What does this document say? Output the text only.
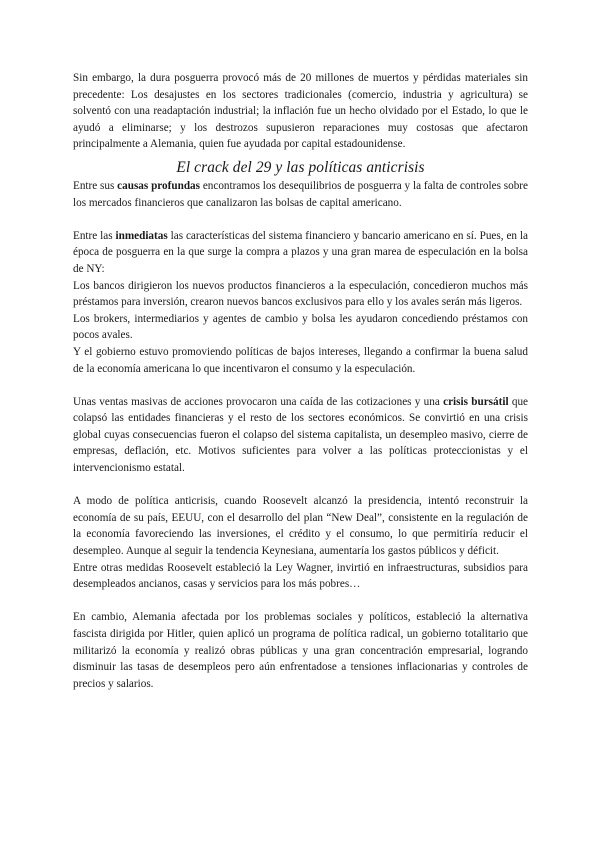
Sin embargo, la dura posguerra provocó más de 20 millones de muertos y pérdidas materiales sin precedente: Los desajustes en los sectores tradicionales (comercio, industria y agricultura) se solventó con una readaptación industrial; la inflación fue un hecho olvidado por el Estado, lo que le ayudó a eliminarse; y los destrozos supusieron reparaciones muy costosas que afectaron principalmente a Alemania, quien fue ayudada por capital estadounidense.

El crack del 29 y las políticas anticrisis

Entre sus causas profundas encontramos los desequilibrios de posguerra y la falta de controles sobre los mercados financieros que canalizaron las bolsas de capital americano.

Entre las inmediatas las características del sistema financiero y bancario americano en sí. Pues, en la época de posguerra en la que surge la compra a plazos y una gran marea de especulación en la bolsa de NY:

Los bancos dirigieron los nuevos productos financieros a la especulación, concedieron muchos más préstamos para inversión, crearon nuevos bancos exclusivos para ello y los avales serán más ligeros.

Los brokers, intermediarios y agentes de cambio y bolsa les ayudaron concediendo préstamos con pocos avales.

Y el gobierno estuvo promoviendo políticas de bajos intereses, llegando a confirmar la buena salud de la economía americana lo que incentivaron el consumo y la especulación.

Unas ventas masivas de acciones provocaron una caída de las cotizaciones y una crisis bursátil que colapsó las entidades financieras y el resto de los sectores económicos. Se convirtió en una crisis global cuyas consecuencias fueron el colapso del sistema capitalista, un desempleo masivo, cierre de empresas, deflación, etc. Motivos suficientes para volver a las políticas proteccionistas y el intervencionismo estatal.

A modo de política anticrisis, cuando Roosevelt alcanzó la presidencia, intentó reconstruir la economía de su país, EEUU, con el desarrollo del plan “New Deal”, consistente en la regulación de la economía favoreciendo las inversiones, el crédito y el consumo, lo que permitiría reducir el desempleo. Aunque al seguir la tendencia Keynesiana, aumentaría los gastos públicos y déficit.

Entre otras medidas Roosevelt estableció la Ley Wagner, invirtió en infraestructuras, subsidios para desempleados ancianos, casas y servicios para los más pobres…

En cambio, Alemania afectada por los problemas sociales y políticos, estableció la alternativa fascista dirigida por Hitler, quien aplicó un programa de política radical, un gobierno totalitario que militarizó la economía y realizó obras públicas y una gran concentración empresarial, logrando disminuir las tasas de desempleos pero aún enfrentadose a tensiones inflacionarias y controles de precios y salarios.
